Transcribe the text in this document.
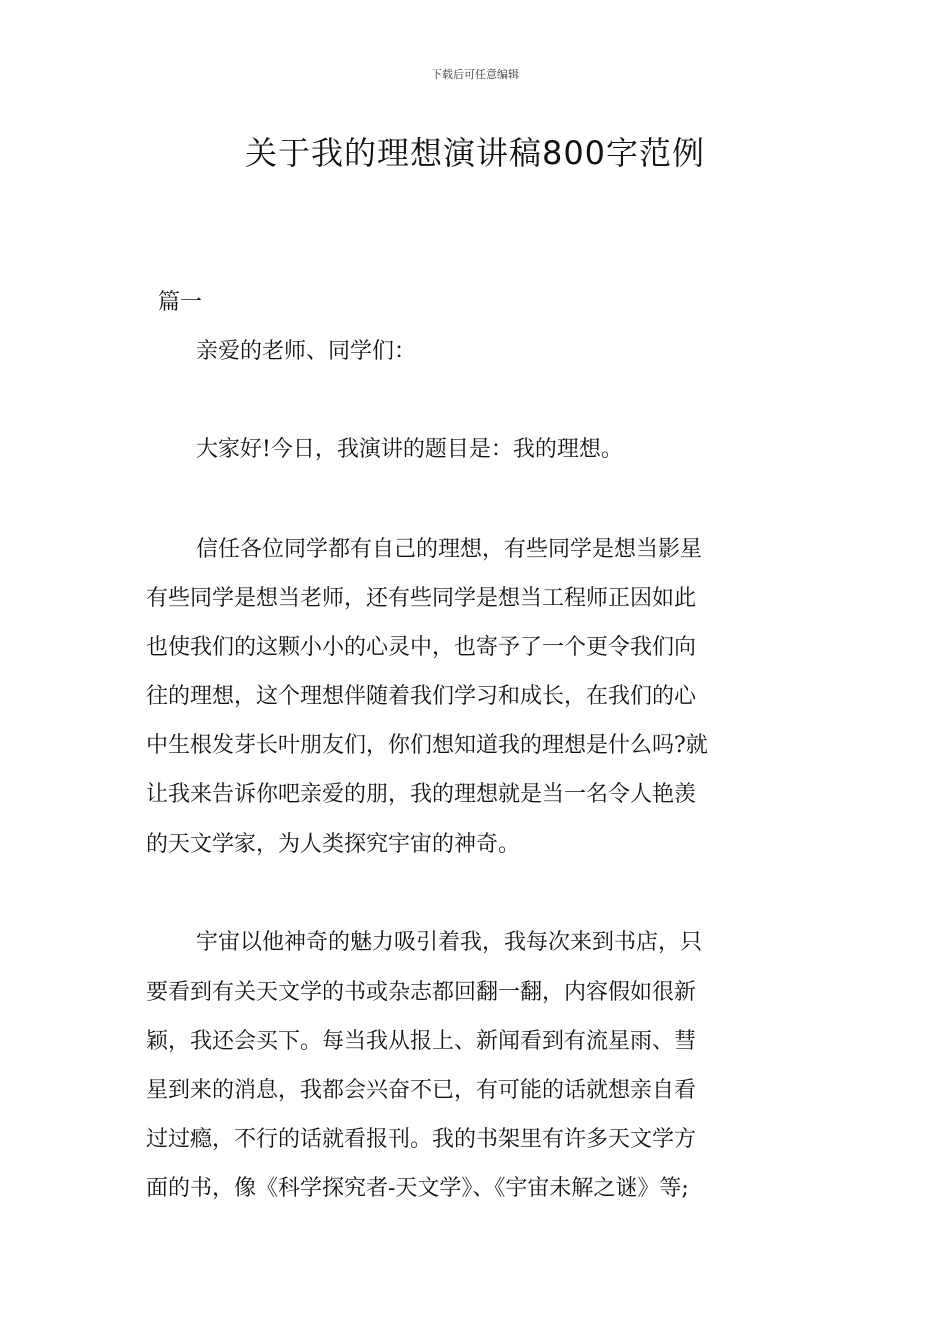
下载后可任意编辑
关于我的理想演讲稿800字范例
篇一
亲爱的老师、同学们：
大家好!今日，我演讲的题目是：我的理想。
信任各位同学都有自己的理想，有些同学是想当影星
有些同学是想当老师，还有些同学是想当工程师正因如此
也使我们的这颗小小的心灵中，也寄予了一个更令我们向
往的理想，这个理想伴随着我们学习和成长，在我们的心
中生根发芽长叶朋友们，你们想知道我的理想是什么吗?就
让我来告诉你吧亲爱的朋，我的理想就是当一名令人艳羡
的天文学家，为人类探究宇宙的神奇。
宇宙以他神奇的魅力吸引着我，我每次来到书店，只
要看到有关天文学的书或杂志都回翻一翻，内容假如很新
颖，我还会买下。每当我从报上、新闻看到有流星雨、彗
星到来的消息，我都会兴奋不已，有可能的话就想亲自看
过过瘾，不行的话就看报刊。我的书架里有许多天文学方
面的书，像《科学探究者-天文学》、《宇宙未解之谜》等;
